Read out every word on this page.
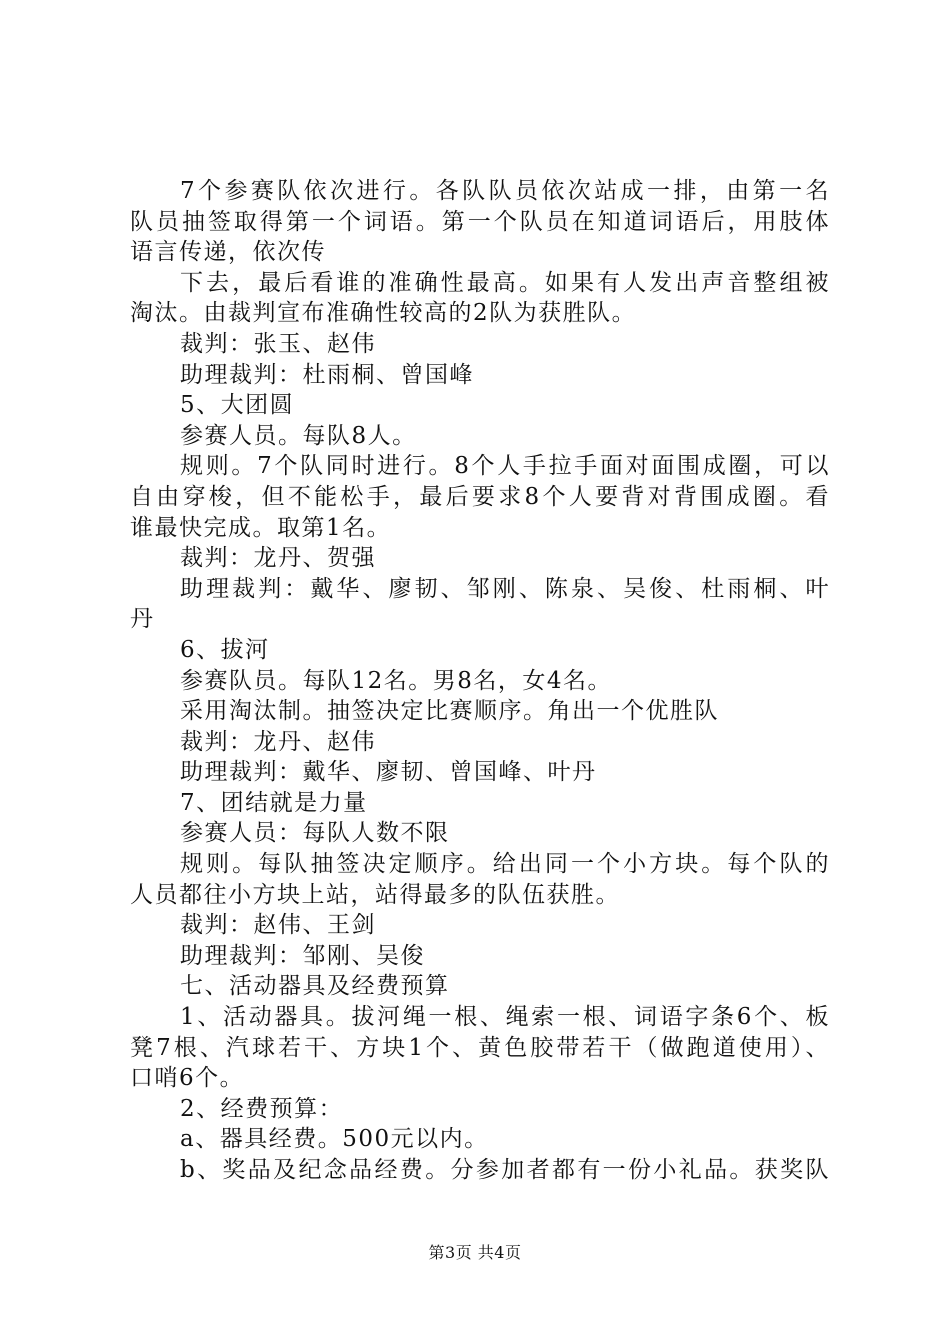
7个参赛队依次进行。各队队员依次站成一排，由第一名
队员抽签取得第一个词语。第一个队员在知道词语后，用肢体
语言传递，依次传
下去，最后看谁的准确性最高。如果有人发出声音整组被
淘汰。由裁判宣布准确性较高的2队为获胜队。
裁判：张玉、赵伟
助理裁判：杜雨桐、曾国峰
5、大团圆
参赛人员。每队8人。
规则。7个队同时进行。8个人手拉手面对面围成圈，可以
自由穿梭，但不能松手，最后要求8个人要背对背围成圈。看
谁最快完成。取第1名。
裁判：龙丹、贺强
助理裁判：戴华、廖韧、邹刚、陈泉、吴俊、杜雨桐、叶
丹
6、拔河
参赛队员。每队12名。男8名，女4名。
采用淘汰制。抽签决定比赛顺序。角出一个优胜队
裁判：龙丹、赵伟
助理裁判：戴华、廖韧、曾国峰、叶丹
7、团结就是力量
参赛人员：每队人数不限
规则。每队抽签决定顺序。给出同一个小方块。每个队的
人员都往小方块上站，站得最多的队伍获胜。
裁判：赵伟、王剑
助理裁判：邹刚、吴俊
七、活动器具及经费预算
1、活动器具。拔河绳一根、绳索一根、词语字条6个、板
凳7根、汽球若干、方块1个、黄色胶带若干（做跑道使用）、
口哨6个。
2、经费预算：
a、器具经费。500元以内。
b、奖品及纪念品经费。分参加者都有一份小礼品。获奖队
第3页 共4页
